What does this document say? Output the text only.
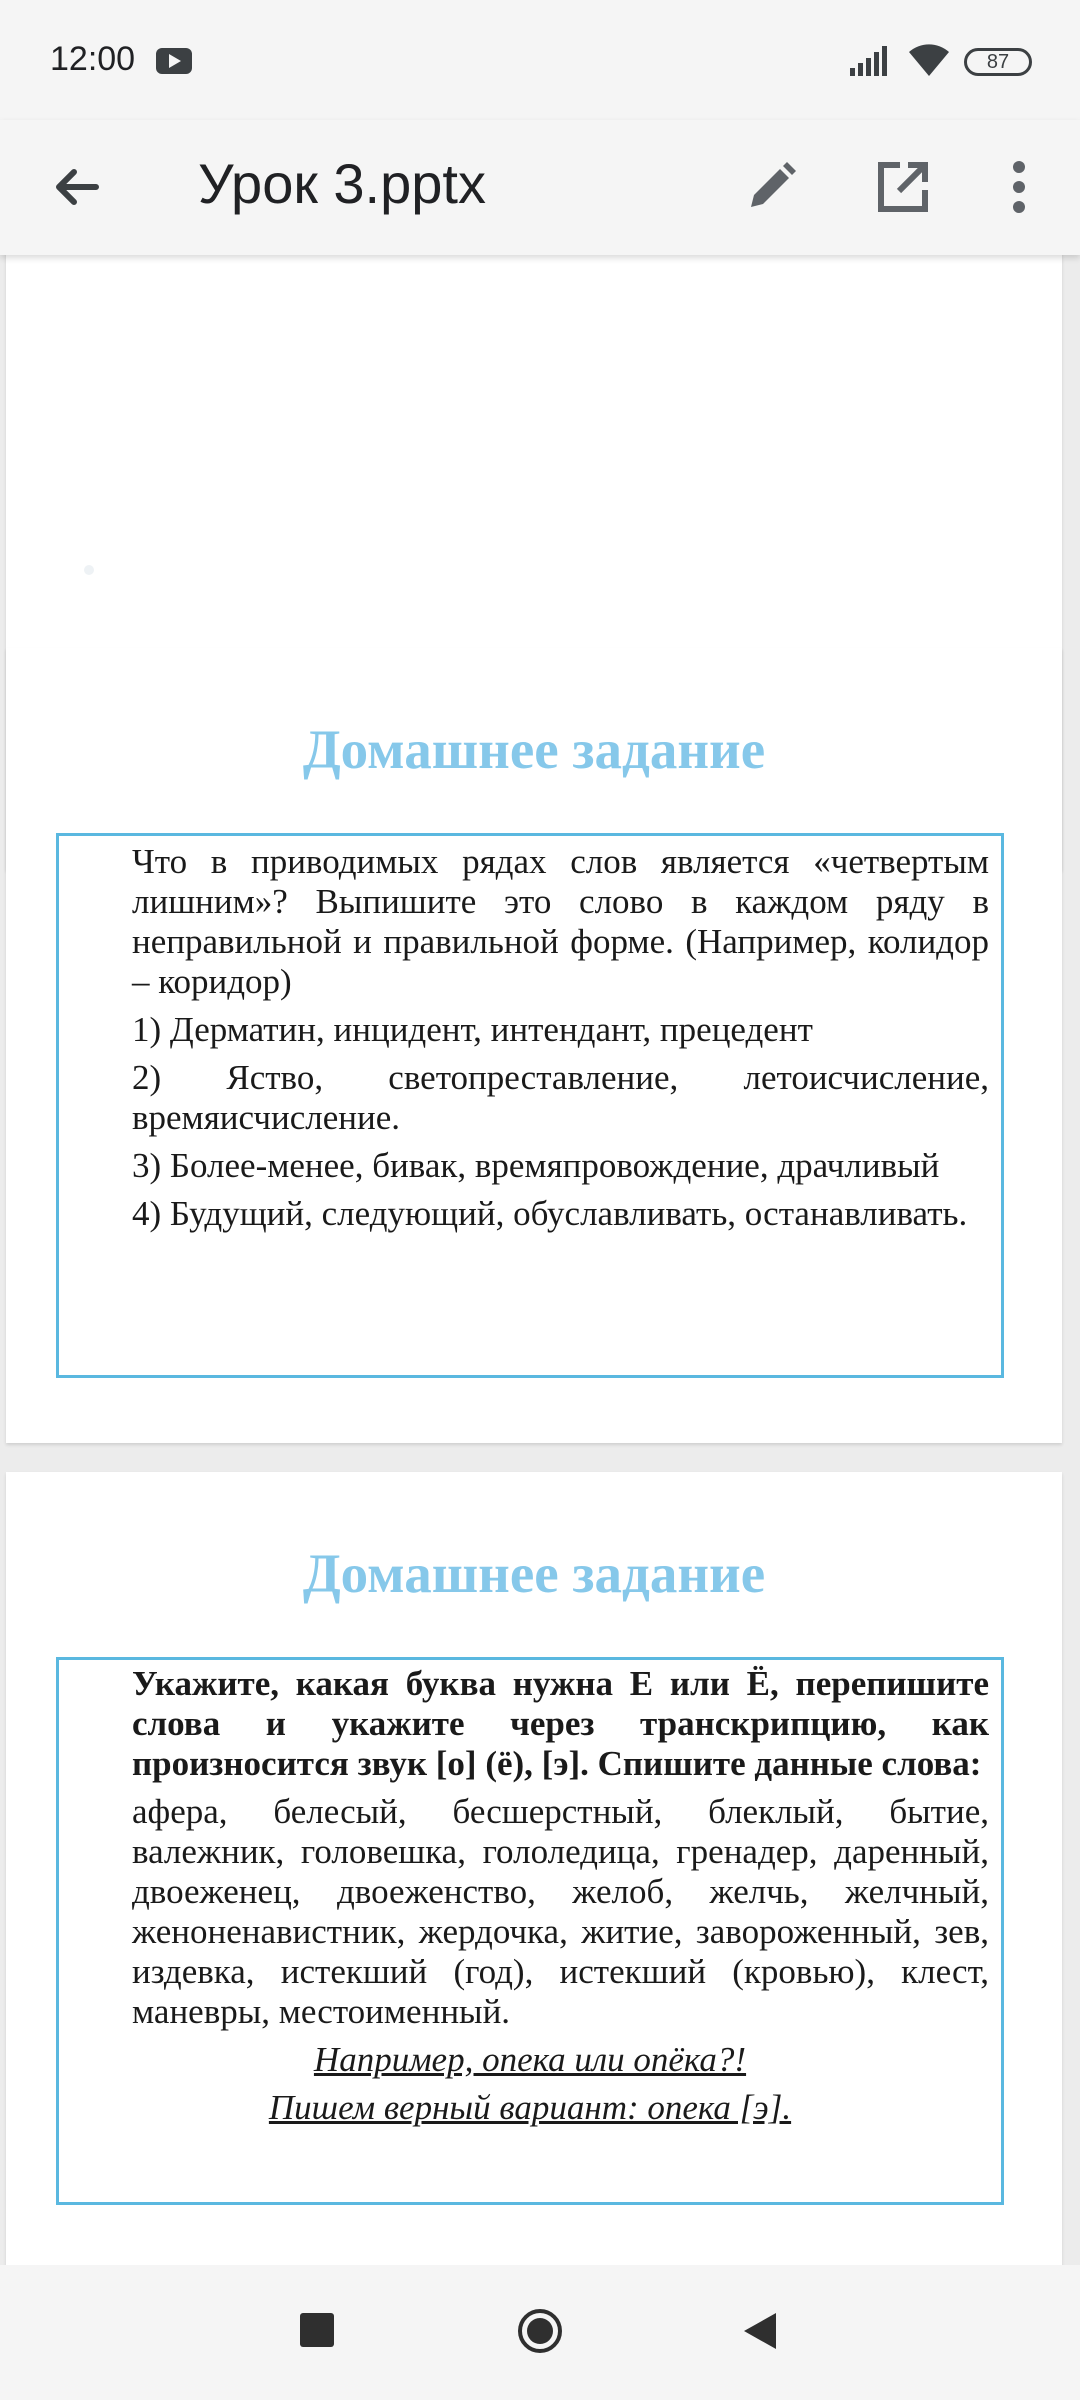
12:00	87
Урок 3.pptx
Домашнее задание

Что в приводимых рядах слов является «четвертым лишним»? Выпишите это слово в каждом ряду в неправильной и правильной форме. (Например, колидор – коридор)

1) Дерматин, инцидент, интендант, прецедент

2) Яство, светопреставление, летоисчисление, времяисчисление.

3) Более-менее, бивак, времяпровождение, драчливый

4) Будущий, следующий, обуславливать, останавливать.

Домашнее задание

Укажите, какая буква нужна Е или Ё, перепишите слова и укажите через транскрипцию, как произносится звук [о] (ё), [э]. Спишите данные слова:

афера, белесый, бесшерстный, блеклый, бытие, валежник, головешка, гололедица, гренадер, даренный, двоеженец, двоеженство, желоб, желчь, желчный, женоненавистник, жердочка, житие, завороженный, зев, издевка, истекший (год), истекший (кровью), клест, маневры, местоименный.

Например, опека или опёка?!

Пишем верный вариант: опека [э].
